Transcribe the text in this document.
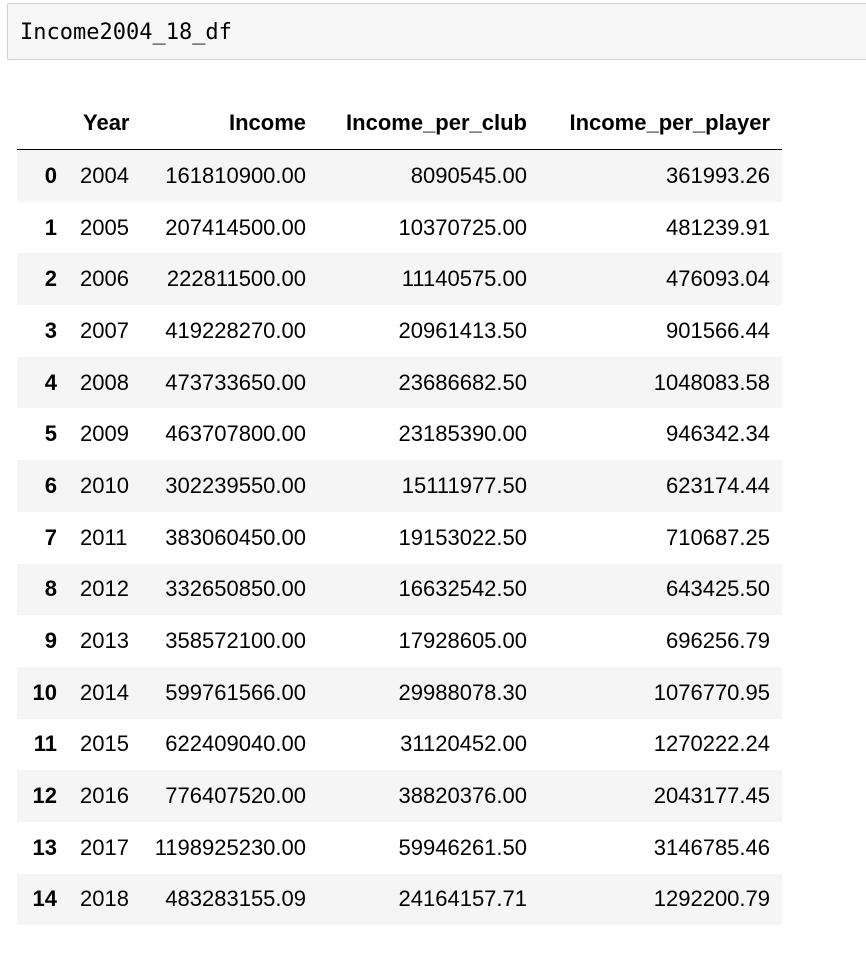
Income2004_18_df
	Year	Income	Income_per_club	Income_per_player
0	2004	161810900.00	8090545.00	361993.26
1	2005	207414500.00	10370725.00	481239.91
2	2006	222811500.00	11140575.00	476093.04
3	2007	419228270.00	20961413.50	901566.44
4	2008	473733650.00	23686682.50	1048083.58
5	2009	463707800.00	23185390.00	946342.34
6	2010	302239550.00	15111977.50	623174.44
7	2011	383060450.00	19153022.50	710687.25
8	2012	332650850.00	16632542.50	643425.50
9	2013	358572100.00	17928605.00	696256.79
10	2014	599761566.00	29988078.30	1076770.95
11	2015	622409040.00	31120452.00	1270222.24
12	2016	776407520.00	38820376.00	2043177.45
13	2017	1198925230.00	59946261.50	3146785.46
14	2018	483283155.09	24164157.71	1292200.79
